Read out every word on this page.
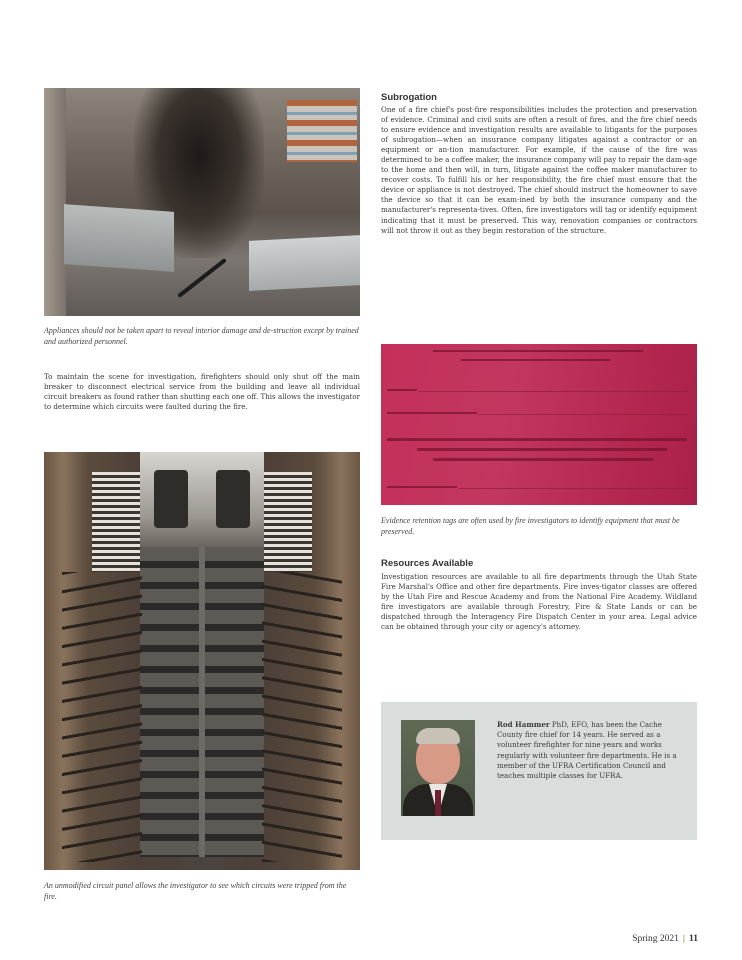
Appliances should not be taken apart to reveal interior damage and de-struction except by trained and authorized personnel.
To maintain the scene for investigation, firefighters should only shut off the main breaker to disconnect electrical service from the building and leave all individual circuit breakers as found rather than shutting each one off. This allows the investigator to determine which circuits were faulted during the fire.
An unmodified circuit panel allows the investigator to see which circuits were tripped from the fire.
Subrogation
One of a fire chief's post-fire responsibilities includes the protection and preservation of evidence. Criminal and civil suits are often a result of fires, and the fire chief needs to ensure evidence and investigation results are available to litigants for the purposes of subrogation—when an insurance company litigates against a contractor or an equipment or an-tion manufacturer. For example, if the cause of the fire was determined to be a coffee maker, the insurance company will pay to repair the dam-age to the home and then will, in turn, litigate against the coffee maker manufacturer to recover costs. To fulfill his or her responsibility, the fire chief must ensure that the device or appliance is not destroyed. The chief should instruct the homeowner to save the device so that it can be exam-ined by both the insurance company and the manufacturer's representa-tives. Often, fire investigators will tag or identify equipment indicating that it must be preserved. This way, renovation companies or contractors will not throw it out as they begin restoration of the structure.
Evidence retention tags are often used by fire investigators to identify equipment that must be preserved.
Resources Available
Investigation resources are available to all fire departments through the Utah State Fire Marshal's Office and other fire departments. Fire inves-tigator classes are offered by the Utah Fire and Rescue Academy and from the National Fire Academy. Wildland fire investigators are available through Forestry, Fire & State Lands or can be dispatched through the Interagency Fire Dispatch Center in your area. Legal advice can be obtained through your city or agency's attorney.
Rod Hammer PhD, EFO, has been the Cache County fire chief for 14 years. He served as a volunteer firefighter for nine years and works regularly with volunteer fire departments. He is a member of the UFRA Certification Council and teaches multiple classes for UFRA.
Spring 2021 | 11
